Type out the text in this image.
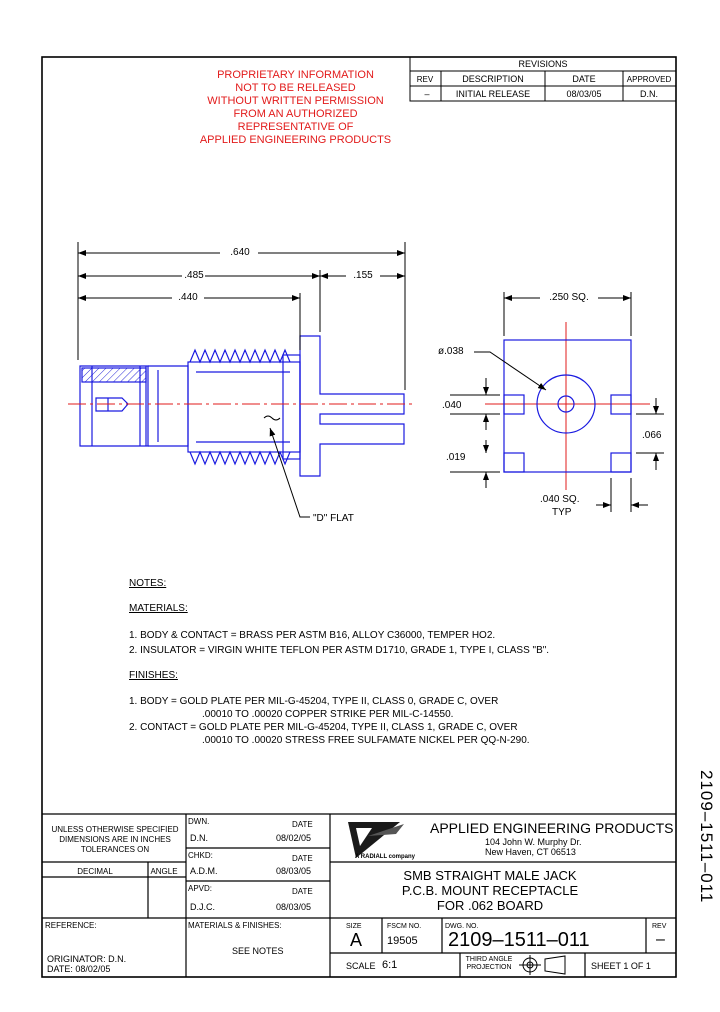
PROPRIETARY INFORMATION
NOT TO BE RELEASED
WITHOUT WRITTEN PERMISSION
FROM AN AUTHORIZED
REPRESENTATIVE OF
APPLIED ENGINEERING PRODUCTS
REVISIONS
REV	DESCRIPTION	DATE	APPROVED
–	INITIAL RELEASE	08/03/05	D.N.
.640
.485	.155
.440	.250 SQ.
ø.038
.040
.019
.066
.040 SQ.
TYP
"D" FLAT
NOTES:
MATERIALS:
1. BODY & CONTACT = BRASS PER ASTM B16, ALLOY C36000, TEMPER HO2.
2. INSULATOR = VIRGIN WHITE TEFLON PER ASTM D1710, GRADE 1, TYPE I, CLASS "B".
FINISHES:
1. BODY = GOLD PLATE PER MIL-G-45204, TYPE II, CLASS 0, GRADE C, OVER
.00010 TO .00020 COPPER STRIKE PER MIL-C-14550.
2. CONTACT = GOLD PLATE PER MIL-G-45204, TYPE II, CLASS 1, GRADE C, OVER
.00010 TO .00020 STRESS FREE SULFAMATE NICKEL PER QQ-N-290.
2109–1511–011
UNLESS OTHERWISE SPECIFIED
DIMENSIONS ARE IN INCHES
TOLERANCES ON
DECIMAL	ANGLE
DWN.	DATE
D.N.	08/02/05
CHKD:	DATE
A.D.M.	08/03/05
APVD:	DATE
D.J.C.	08/03/05
APPLIED ENGINEERING PRODUCTS
104 John W. Murphy Dr.
New Haven, CT 06513
A RADIALL company
SMB STRAIGHT MALE JACK
P.C.B. MOUNT RECEPTACLE
FOR .062 BOARD
REFERENCE:	MATERIALS & FINISHES:
SEE NOTES
ORIGINATOR: D.N.
DATE: 08/02/05
SIZE
A
FSCM NO.
19505
DWG. NO.
2109–1511–011
REV
–
SCALE 6:1	THIRD ANGLE
PROJECTION	SHEET 1 OF 1
